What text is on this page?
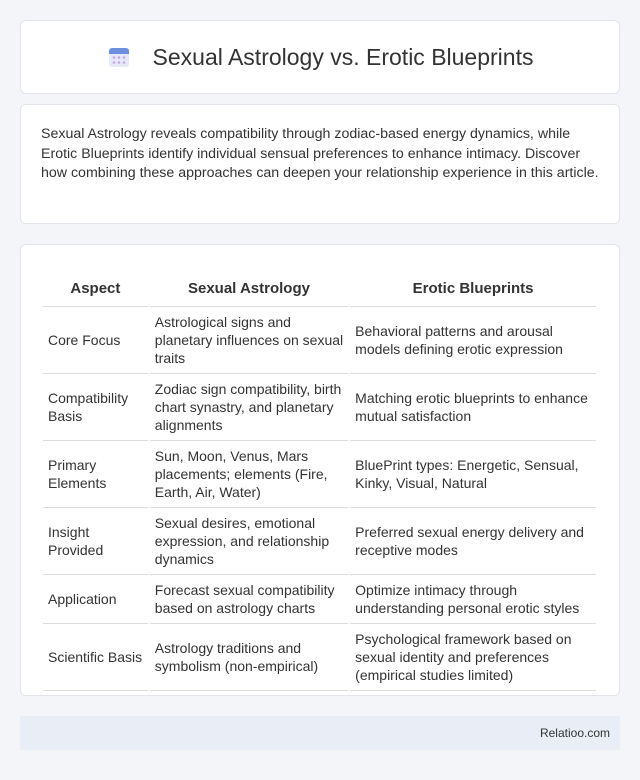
Sexual Astrology vs. Erotic Blueprints

Sexual Astrology reveals compatibility through zodiac-based energy dynamics, while Erotic Blueprints identify individual sensual preferences to enhance intimacy. Discover how combining these approaches can deepen your relationship experience in this article.

Aspect	Sexual Astrology	Erotic Blueprints
Core Focus	Astrological signs and planetary influences on sexual traits	Behavioral patterns and arousal models defining erotic expression
Compatibility Basis	Zodiac sign compatibility, birth chart synastry, and planetary alignments	Matching erotic blueprints to enhance mutual satisfaction
Primary Elements	Sun, Moon, Venus, Mars placements; elements (Fire, Earth, Air, Water)	BluePrint types: Energetic, Sensual, Kinky, Visual, Natural
Insight Provided	Sexual desires, emotional expression, and relationship dynamics	Preferred sexual energy delivery and receptive modes
Application	Forecast sexual compatibility based on astrology charts	Optimize intimacy through understanding personal erotic styles
Scientific Basis	Astrology traditions and symbolism (non-empirical)	Psychological framework based on sexual identity and preferences (empirical studies limited)
Relatioo.com
